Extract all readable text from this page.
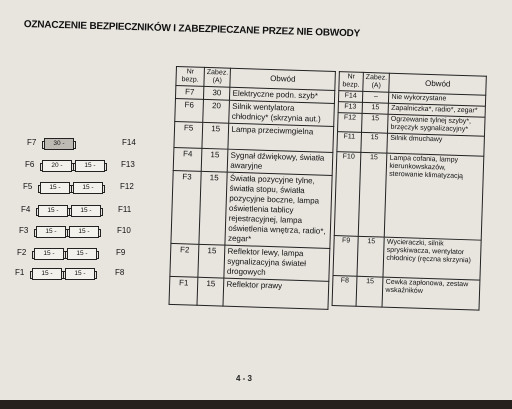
OZNACZENIE BEZPIECZNIKÓW I ZABEZPIECZANE PRZEZ NIE OBWODY
F7	30 -	F14
F6	20 -	15 -	F13
F5	15 -	15 -	F12
F4	15 -	15 -	F11
F3	15 -	15 -	F10
F2	15 -	15 -	F9
F1	15 -	15 -	F8
Nr bezp.	Zabez. (A)	Obwód
F7	30	Elektryczne podn. szyb*
F6	20	Silnik wentylatora chłodnicy* (skrzynia aut.)
F5	15	Lampa przeciwmgielna
F4	15	Sygnał dźwiękowy, światła awaryjne
F3	15	Światła pozycyjne tylne, światła stopu, światła pozycyjne boczne, lampa oświetlenia tablicy rejestracyjnej, lampa oświetlenia wnętrza, radio*, zegar*
F2	15	Reflektor lewy, lampa sygnalizacyjna świateł drogowych
F1	15	Reflektor prawy
Nr bezp.	Zabez. (A)	Obwód
F14	–	Nie wykorzystane
F13	15	Zapalniczka*, radio*, zegar*
F12	15	Ogrzewanie tylnej szyby*, brzęczyk sygnalizacyjny*
F11	15	Silnik dmuchawy
F10	15	Lampa cofania, lampy kierunkowskazów, sterowanie klimatyzacją
F9	15	Wycieraczki, silnik spryskiwacza, wentylator chłodnicy (ręczna skrzynia)
F8	15	Cewka zapłonowa, zestaw wskaźników
4 - 3
